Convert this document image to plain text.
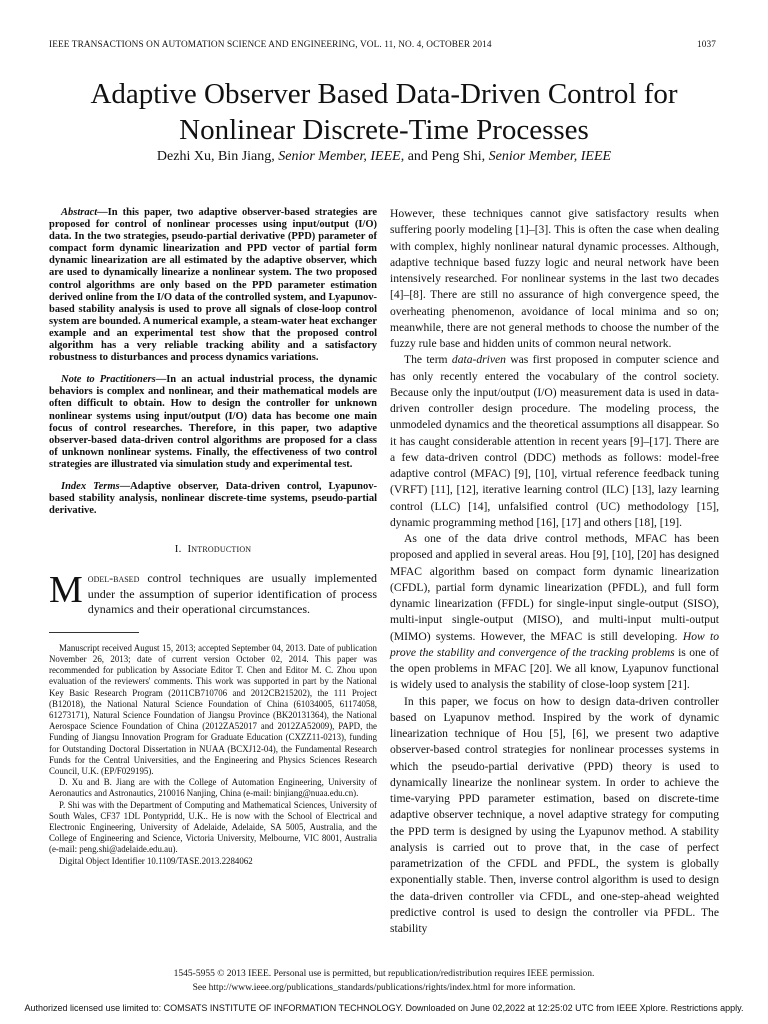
IEEE TRANSACTIONS ON AUTOMATION SCIENCE AND ENGINEERING, VOL. 11, NO. 4, OCTOBER 2014	1037
Adaptive Observer Based Data-Driven Control for Nonlinear Discrete-Time Processes
Dezhi Xu, Bin Jiang, Senior Member, IEEE, and Peng Shi, Senior Member, IEEE

Abstract—In this paper, two adaptive observer-based strategies are proposed for control of nonlinear processes using input/output (I/O) data. In the two strategies, pseudo-partial derivative (PPD) parameter of compact form dynamic linearization and PPD vector of partial form dynamic linearization are all estimated by the adaptive observer, which are used to dynamically linearize a nonlinear system. The two proposed control algorithms are only based on the PPD parameter estimation derived online from the I/O data of the controlled system, and Lyapunov-based stability analysis is used to prove all signals of close-loop control system are bounded. A numerical example, a steam-water heat exchanger example and an experimental test show that the proposed control algorithm has a very reliable tracking ability and a satisfactory robustness to disturbances and process dynamics variations.

Note to Practitioners—In an actual industrial process, the dynamic behaviors is complex and nonlinear, and their mathematical models are often difficult to obtain. How to design the controller for unknown nonlinear systems using input/output (I/O) data has become one main focus of control researches. Therefore, in this paper, two adaptive observer-based data-driven control algorithms are proposed for a class of unknown nonlinear systems. Finally, the effectiveness of two control strategies are illustrated via simulation study and experimental test.

Index Terms—Adaptive observer, Data-driven control, Lyapunov-based stability analysis, nonlinear discrete-time systems, pseudo-partial derivative.

I. Introduction

Model-based control techniques are usually implemented under the assumption of superior identification of process dynamics and their operational circumstances.

Manuscript received August 15, 2013; accepted September 04, 2013. Date of publication November 26, 2013; date of current version October 02, 2014. This paper was recommended for publication by Associate Editor T. Chen and Editor M. C. Zhou upon evaluation of the reviewers' comments. This work was supported in part by the National Key Basic Research Program (2011CB710706 and 2012CB215202), the 111 Project (B12018), the National Natural Science Foundation of China (61034005, 61174058, 61273171), Natural Science Foundation of Jiangsu Province (BK20131364), the National Aerospace Science Foundation of China (2012ZA52017 and 2012ZA52009), PAPD, the Funding of Jiangsu Innovation Program for Graduate Education (CXZZ11-0213), funding for Outstanding Doctoral Dissertation in NUAA (BCXJ12-04), the Fundamental Research Funds for the Central Universities, and the Engineering and Physics Sciences Research Council, U.K. (EP/F029195).

D. Xu and B. Jiang are with the College of Automation Engineering, University of Aeronautics and Astronautics, 210016 Nanjing, China (e-mail: binjiang@nuaa.edu.cn).

P. Shi was with the Department of Computing and Mathematical Sciences, University of South Wales, CF37 1DL Pontypridd, U.K.. He is now with the School of Electrical and Electronic Engineering, University of Adelaide, Adelaide, SA 5005, Australia, and the College of Engineering and Science, Victoria University, Melbourne, VIC 8001, Australia (e-mail: peng.shi@adelaide.edu.au).

Digital Object Identifier 10.1109/TASE.2013.2284062

However, these techniques cannot give satisfactory results when suffering poorly modeling [1]–[3]. This is often the case when dealing with complex, highly nonlinear natural dynamic processes. Although, adaptive technique based fuzzy logic and neural network have been intensively researched. For nonlinear systems in the last two decades [4]–[8]. There are still no assurance of high convergence speed, the overheating phenomenon, avoidance of local minima and so on; meanwhile, there are not general methods to choose the number of the fuzzy rule base and hidden units of common neural network.

The term data-driven was first proposed in computer science and has only recently entered the vocabulary of the control society. Because only the input/output (I/O) measurement data is used in data-driven controller design procedure. The modeling process, the unmodeled dynamics and the theoretical assumptions all disappear. So it has caught considerable attention in recent years [9]–[17]. There are a few data-driven control (DDC) methods as follows: model-free adaptive control (MFAC) [9], [10], virtual reference feedback tuning (VRFT) [11], [12], iterative learning control (ILC) [13], lazy learning control (LLC) [14], unfalsified control (UC) methodology [15], dynamic programming method [16], [17] and others [18], [19].

As one of the data drive control methods, MFAC has been proposed and applied in several areas. Hou [9], [10], [20] has designed MFAC algorithm based on compact form dynamic linearization (CFDL), partial form dynamic linearization (PFDL), and full form dynamic linearization (FFDL) for single-input single-output (SISO), multi-input single-output (MISO), and multi-input multi-output (MIMO) systems. However, the MFAC is still developing. How to prove the stability and convergence of the tracking problems is one of the open problems in MFAC [20]. We all know, Lyapunov functional is widely used to analysis the stability of close-loop system [21].

In this paper, we focus on how to design data-driven controller based on Lyapunov method. Inspired by the work of dynamic linearization technique of Hou [5], [6], we present two adaptive observer-based control strategies for nonlinear processes systems in which the pseudo-partial derivative (PPD) theory is used to dynamically linearize the nonlinear system. In order to achieve the time-varying PPD parameter estimation, based on discrete-time adaptive observer technique, a novel adaptive strategy for computing the PPD term is designed by using the Lyapunov method. A stability analysis is carried out to prove that, in the case of perfect parametrization of the CFDL and PFDL, the system is globally exponentially stable. Then, inverse control algorithm is used to design the data-driven controller via CFDL, and one-step-ahead weighted predictive control is used to design the controller via PFDL. The stability

1545-5955 © 2013 IEEE. Personal use is permitted, but republication/redistribution requires IEEE permission.
See http://www.ieee.org/publications_standards/publications/rights/index.html for more information.
Authorized licensed use limited to: COMSATS INSTITUTE OF INFORMATION TECHNOLOGY. Downloaded on June 02,2022 at 12:25:02 UTC from IEEE Xplore. Restrictions apply.
